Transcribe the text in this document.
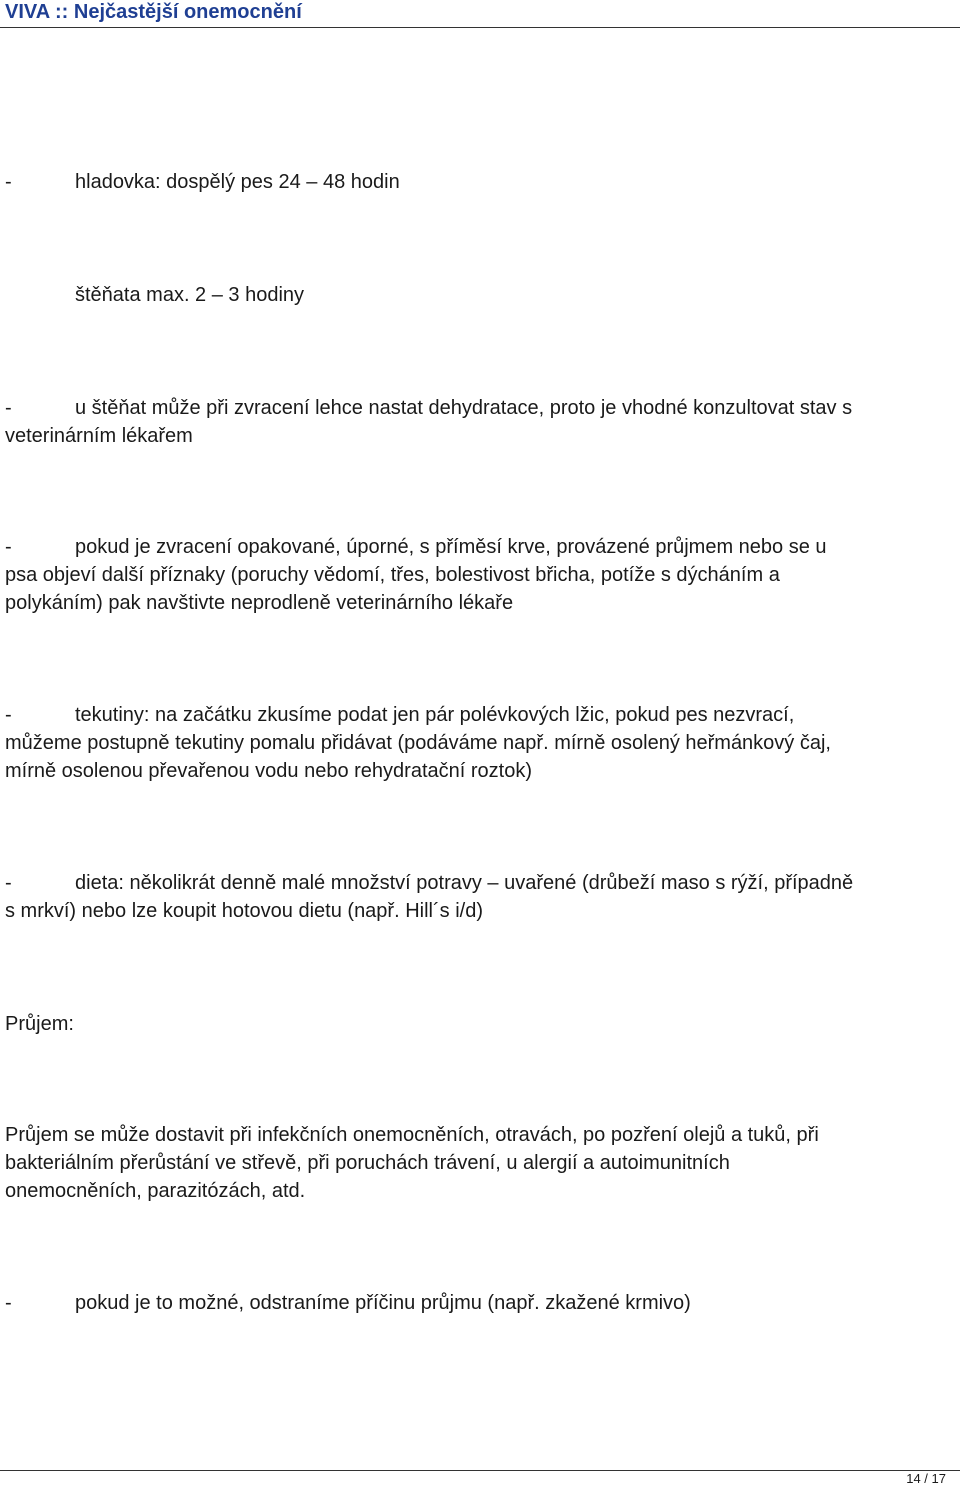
VIVA :: Nejčastější onemocnění
-	hladovka: dospělý pes 24 – 48 hodin
štěňata max. 2 – 3 hodiny
-	u štěňat může při zvracení lehce nastat dehydratace, proto je vhodné konzultovat stav s
veterinárním lékařem
-	pokud je zvracení opakované, úporné, s příměsí krve, provázené průjmem nebo se u
psa objeví další příznaky (poruchy vědomí, třes, bolestivost břicha, potíže s dýcháním a
polykáním) pak navštivte neprodleně veterinárního lékaře
-	tekutiny: na začátku zkusíme podat jen pár polévkových lžic, pokud pes nezvrací,
můžeme postupně tekutiny pomalu přidávat (podáváme např. mírně osolený heřmánkový čaj,
mírně osolenou převařenou vodu nebo rehydratační roztok)
-	dieta: několikrát denně malé množství potravy – uvařené (drůbeží maso s rýží, případně
s mrkví) nebo lze koupit hotovou dietu (např. Hill´s i/d)
Průjem:
Průjem se může dostavit při infekčních onemocněních, otravách, po pozření olejů a tuků, při
bakteriálním přerůstání ve střevě, při poruchách trávení, u alergií a autoimunitních
onemocněních, parazitózách, atd.
-	pokud je to možné, odstraníme příčinu průjmu (např. zkažené krmivo)
14 / 17
